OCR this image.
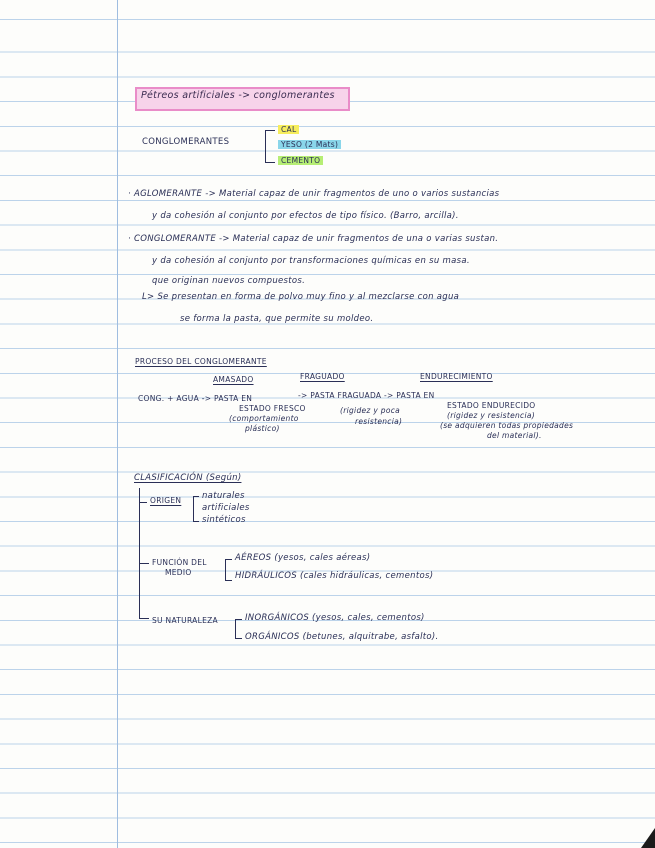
Pétreos artificiales -> conglomerantes
CONGLOMERANTES
CAL
YESO (2 Mats)
CEMENTO
· AGLOMERANTE -> Material capaz de unir fragmentos de uno o varios sustancias
y da cohesión al conjunto por efectos de tipo físico. (Barro, arcilla).
· CONGLOMERANTE -> Material capaz de unir fragmentos de una o varias sustan.
y da cohesión al conjunto por transformaciones químicas en su masa.
que originan nuevos compuestos.
L> Se presentan en forma de polvo muy fino y al mezclarse con agua
se forma la pasta, que permite su moldeo.
PROCESO DEL CONGLOMERANTE
AMASADO	FRAGUADO	ENDURECIMIENTO
CONG. + AGUA -> PASTA EN	-> PASTA FRAGUADA -> PASTA EN
ESTADO FRESCO
(comportamiento
plástico)
(rigidez y poca
resistencia)
ESTADO ENDURECIDO
(rigidez y resistencia)
(se adquieren todas propiedades
del material).
CLASIFICACIÓN (Según)
ORIGEN naturales
artificiales
sintéticos
FUNCIÓN DEL
MEDIO
AÉREOS (yesos, cales aéreas)
HIDRÁULICOS (cales hidráulicas, cementos)
SU NATURALEZA	INORGÁNICOS (yesos, cales, cementos)
ORGÁNICOS (betunes, alquitrabe, asfalto).
